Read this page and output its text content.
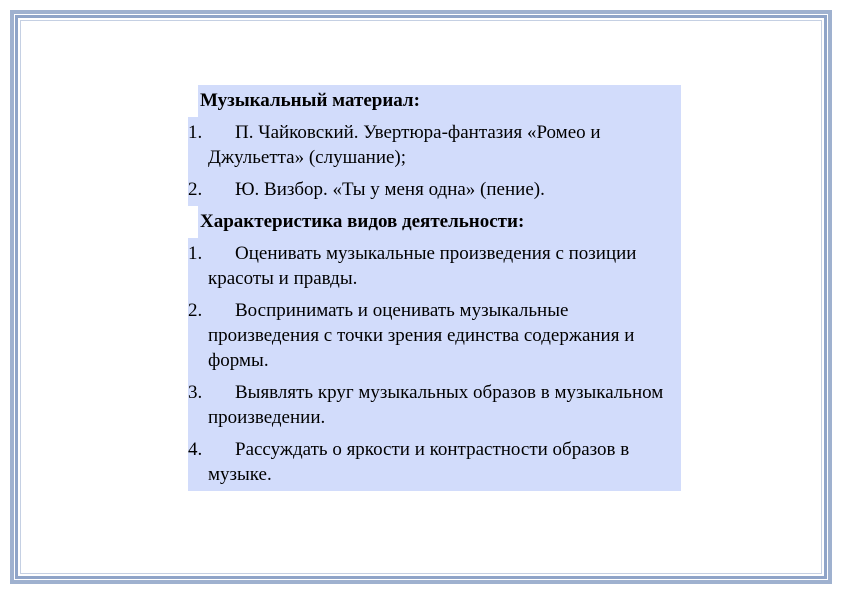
Музыкальный материал:
1.	П. Чайковский. Увертюра-фантазия «Ромео и Джульетта» (слушание);
2.	Ю. Визбор. «Ты у меня одна» (пение).
Характеристика видов деятельности:
1.	Оценивать музыкальные произведения с позиции красоты и правды.
2.	Воспринимать и оценивать музыкальные произведения с точки зрения единства содержания и формы.
3.	Выявлять круг музыкальных образов в музыкальном произведении.
4.	Рассуждать о яркости и контрастности образов в музыке.
